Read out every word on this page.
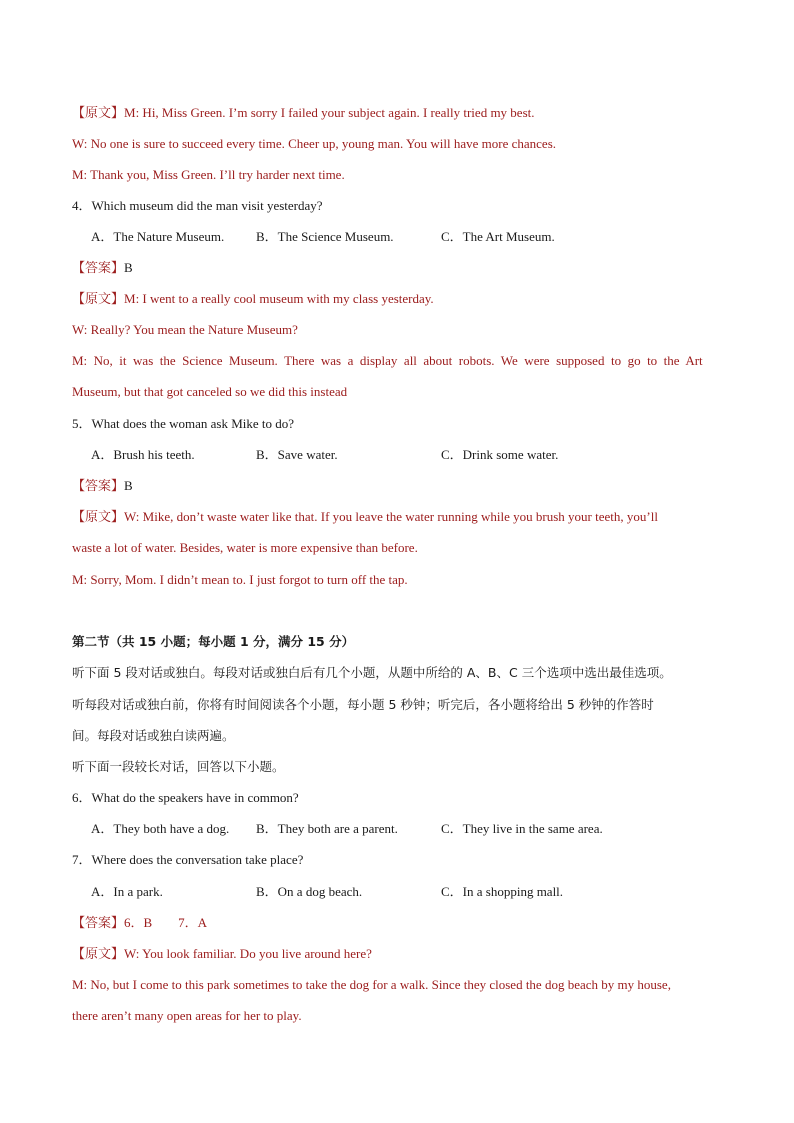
【原文】M: Hi, Miss Green. I’m sorry I failed your subject again. I really tried my best.
W: No one is sure to succeed every time. Cheer up, young man. You will have more chances.
M: Thank you, Miss Green. I’ll try harder next time.
4．Which museum did the man visit yesterday?
A．The Nature Museum. B．The Science Museum.	C．The Art Museum.
【答案】B
【原文】M: I went to a really cool museum with my class yesterday.
W: Really? You mean the Nature Museum?
M:  No,  it  was  the  Science  Museum.  There  was  a  display  all  about  robots.  We  were  supposed  to  go  to  the  Art
Museum, but that got canceled so we did this instead
5．What does the woman ask Mike to do?
A．Brush his teeth.	B．Save water.	C．Drink some water.
【答案】B
【原文】W: Mike, don’t waste water like that. If you leave the water running while you brush your teeth, you’ll
waste a lot of water. Besides, water is more expensive than before.
M: Sorry, Mom. I didn’t mean to. I just forgot to turn off the tap.
第二节（共 15 小题；每小题 1 分，满分 15 分）
听下面 5 段对话或独白。每段对话或独白后有几个小题，从题中所给的 A、B、C 三个选项中选出最佳选项。
听每段对话或独白前，你将有时间阅读各个小题，每小题 5 秒钟；听完后，各小题将给出 5 秒钟的作答时
间。每段对话或独白读两遍。
听下面一段较长对话，回答以下小题。
6．What do the speakers have in common?
A．They both have a dog. B．They both are a parent.	C．They live in the same area.
7．Where does the conversation take place?
A．In a park.	B．On a dog beach.	C．In a shopping mall.
【答案】6．B　　7．A
【原文】W: You look familiar. Do you live around here?
M: No, but I come to this park sometimes to take the dog for a walk. Since they closed the dog beach by my house,
there aren’t many open areas for her to play.
